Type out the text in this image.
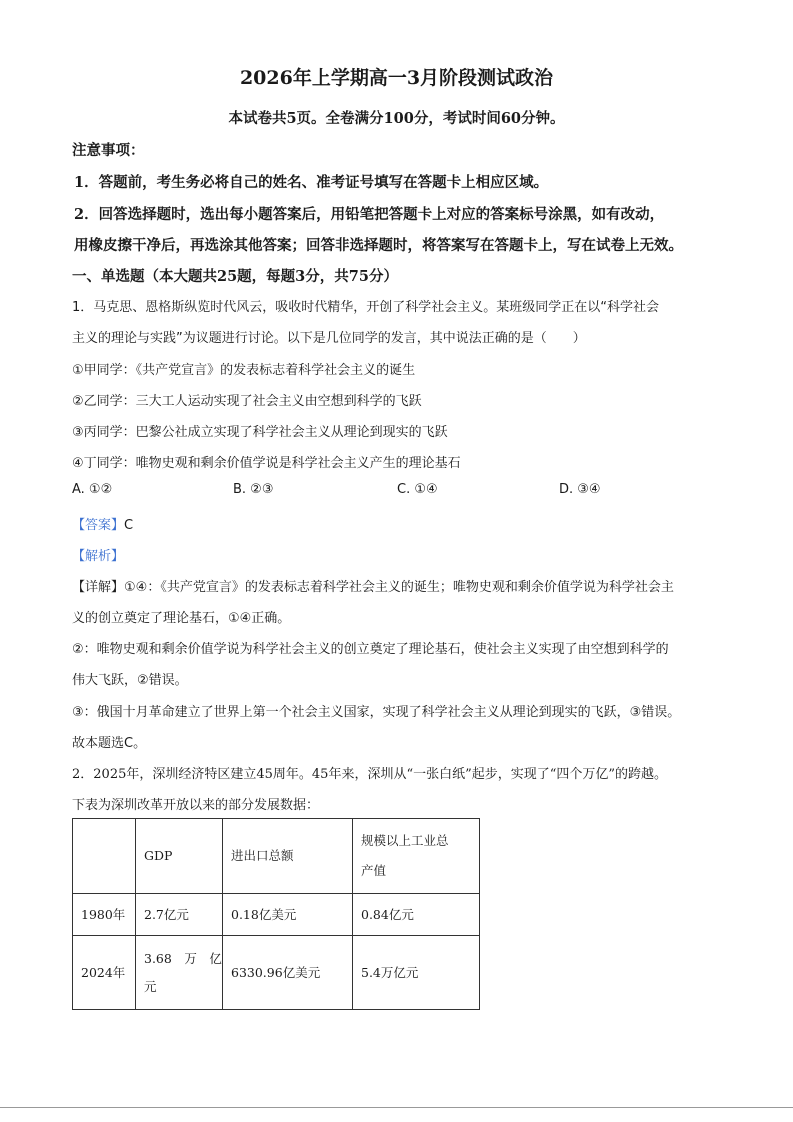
2026年上学期高一3月阶段测试政治
本试卷共5页。全卷满分100分，考试时间60分钟。
注意事项：
1．答题前，考生务必将自己的姓名、准考证号填写在答题卡上相应区域。
2．回答选择题时，选出每小题答案后，用铅笔把答题卡上对应的答案标号涂黑，如有改动，
用橡皮擦干净后，再选涂其他答案；回答非选择题时，将答案写在答题卡上，写在试卷上无效。
一、单选题（本大题共25题，每题3分，共75分）
1．马克思、恩格斯纵览时代风云，吸收时代精华，开创了科学社会主义。某班级同学正在以“科学社会
主义的理论与实践”为议题进行讨论。以下是几位同学的发言，其中说法正确的是（　　）
①甲同学：《共产党宣言》的发表标志着科学社会主义的诞生
②乙同学：三大工人运动实现了社会主义由空想到科学的飞跃
③丙同学：巴黎公社成立实现了科学社会主义从理论到现实的飞跃
④丁同学：唯物史观和剩余价值学说是科学社会主义产生的理论基石
A. ①②	B. ②③	C. ①④	D. ③④
【答案】C
【解析】
【详解】①④：《共产党宣言》的发表标志着科学社会主义的诞生；唯物史观和剩余价值学说为科学社会主
义的创立奠定了理论基石，①④正确。
②：唯物史观和剩余价值学说为科学社会主义的创立奠定了理论基石，使社会主义实现了由空想到科学的
伟大飞跃，②错误。
③：俄国十月革命建立了世界上第一个社会主义国家，实现了科学社会主义从理论到现实的飞跃，③错误。
故本题选C。
2．2025年，深圳经济特区建立45周年。45年来，深圳从“一张白纸”起步，实现了“四个万亿”的跨越。
下表为深圳改革开放以来的部分发展数据：
	GDP	进出口总额	规模以上工业总
产值

1980年	2.7亿元	0.18亿美元	0.84亿元
2024年	3.68　万　亿
元	6330.96亿美元	5.4万亿元
